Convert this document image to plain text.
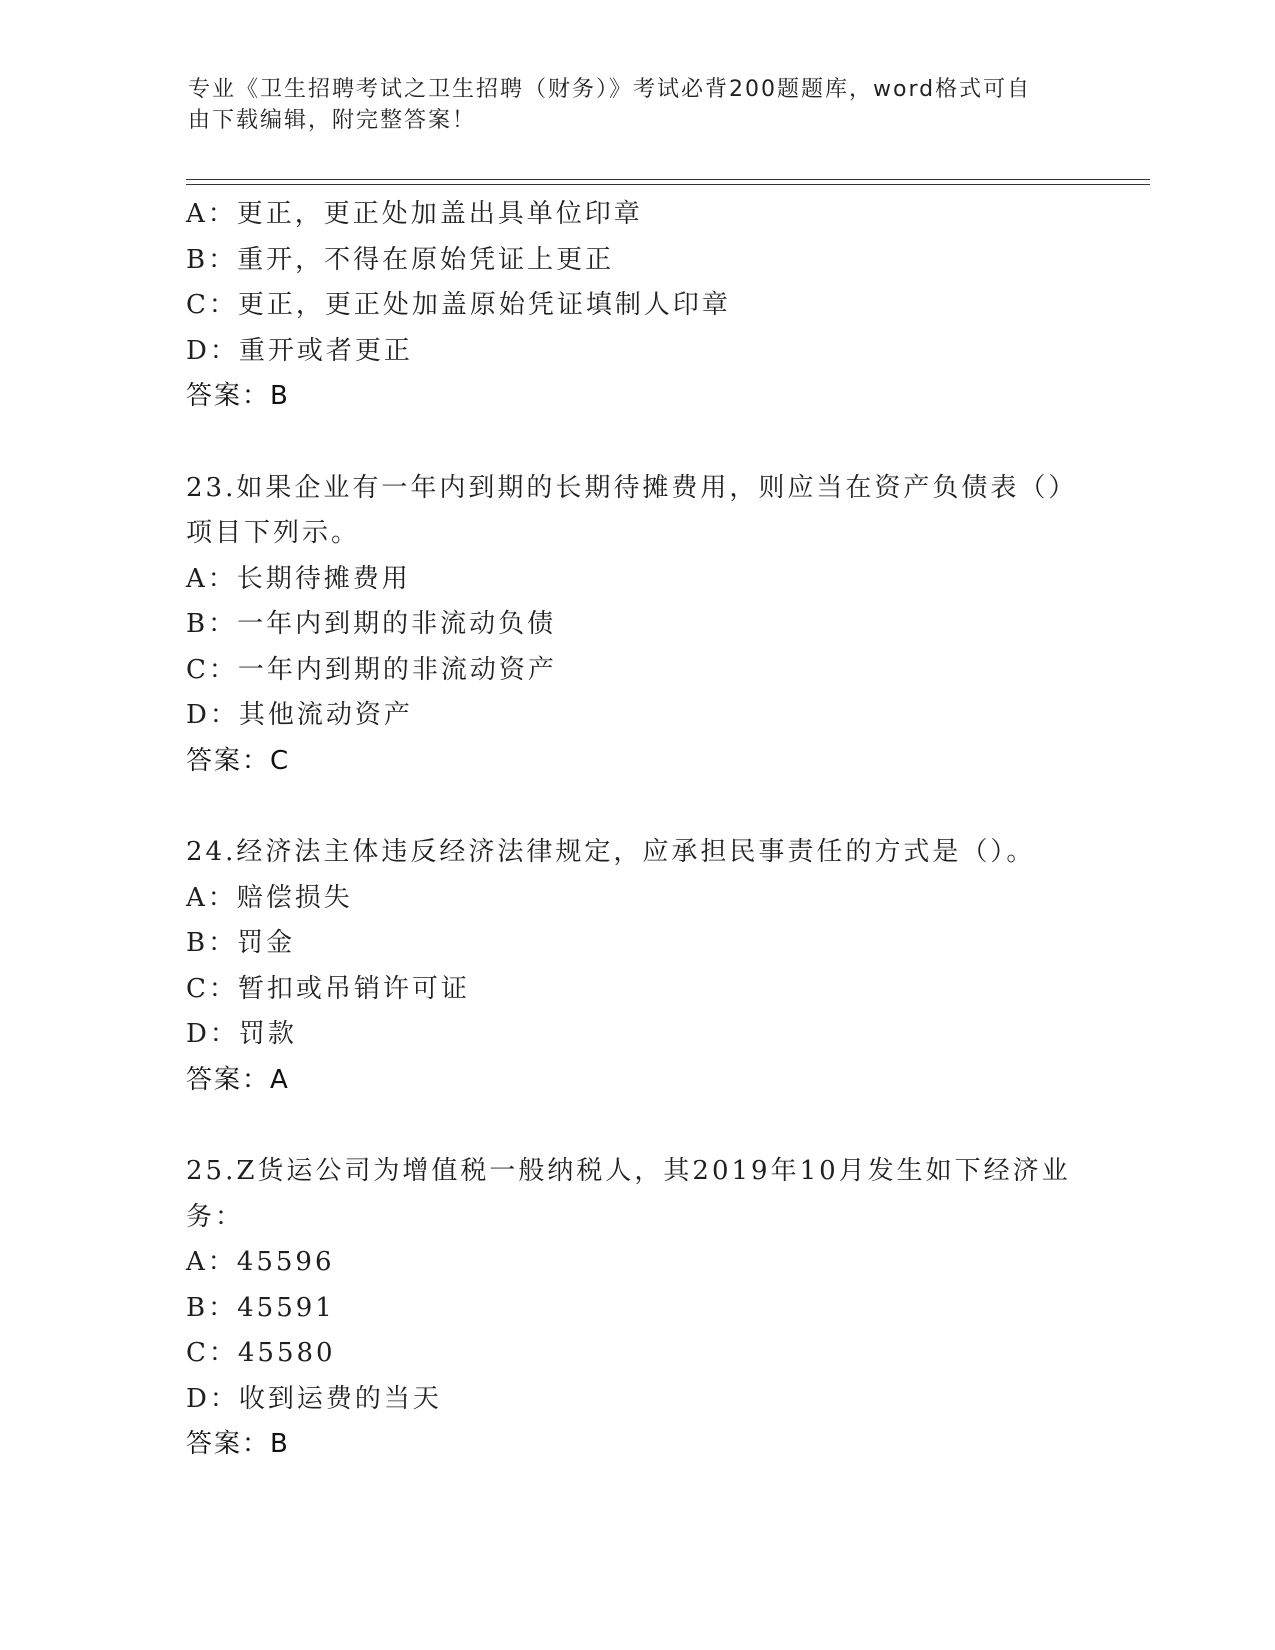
专业《卫生招聘考试之卫生招聘（财务）》考试必背200题题库，word格式可自
由下载编辑，附完整答案！
A：更正，更正处加盖出具单位印章
B：重开，不得在原始凭证上更正
C：更正，更正处加盖原始凭证填制人印章
D：重开或者更正
答案：B
23.如果企业有一年内到期的长期待摊费用，则应当在资产负债表（）
项目下列示。
A：长期待摊费用
B：一年内到期的非流动负债
C：一年内到期的非流动资产
D：其他流动资产
答案：C
24.经济法主体违反经济法律规定，应承担民事责任的方式是（）。
A：赔偿损失
B：罚金
C：暂扣或吊销许可证
D：罚款
答案：A
25.Z货运公司为增值税一般纳税人，其2019年10月发生如下经济业
务：
A：45596
B：45591
C：45580
D：收到运费的当天
答案：B
